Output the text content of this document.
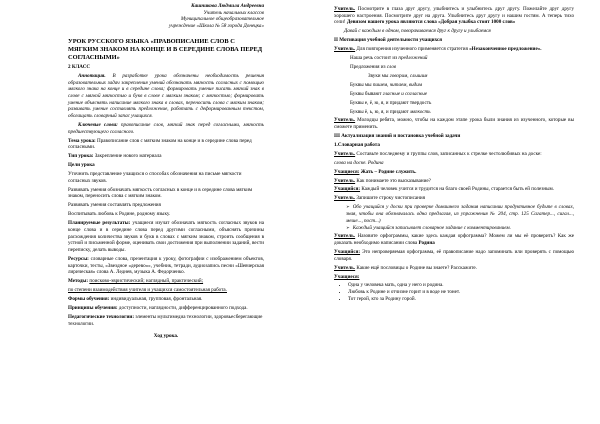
Кашникова Людмила Андреевна
Учитель начальных классов
Муниципальное общеобразовательное
учреждение «Школа № 58 города Донецка»
УРОК РУССКОГО ЯЗЫКА «ПРАВОПИСАНИЕ СЛОВ С МЯГКИМ ЗНАКОМ НА КОНЦЕ И В СЕРЕДИНЕ СЛОВА ПЕРЕД СОГЛАСНЫМИ»
2 КЛАСС
Аннотация. В разработке урока обозначены необходимость решения образовательных задач закрепления умений обозначать мягкость согласных с помощью мягкого знака на конце и в середине слова; формировать умение писать мягкий знак в слове с мягкой мягкостью и букв в слове с мягким знаком; с мягкостью; формировать умение объяснять написание мягкого знака в словах, переносить слова с мягким знаком; развивать умение составлять предложение, работать с деформированным текстом, обогащать словарный запас учащихся.
Ключевые слова: правописание слов, мягкий знак перед согласными, мягкость предшествующего согласного.
Тема урока: Правописание слов с мягким знаком на конце и в середине слова перед согласными.
Тип урока: Закрепление нового материала
Цели урока
Уточнить представление учащихся о способах обозначения на письме мягкости согласных звуков.
Развивать умения обозначать мягкость согласных в конце и в середине слова мягким знаком, переносить слова с мягким знаком.
Развивать умения составлять предложения
Воспитывать любовь к Родине, родному языку.
Планируемые результаты: учащиеся изучат обозначать мягкость согласных звуков на конце слова и в середине слова перед другими согласными, объяснять причины расхождения количества звуков и букв в словах с мягким знаком, строить сообщения в устной и письменной форме, оценивать свои достижения при выполнении заданий, вести переписку, делать выводы.
Ресурсы: словарные слова, презентация к уроку, фотографии с изображением объектов, карточки, тесты, «Звездное «дерево»», учебник, тетради, аудиозапись песни «Шевчерская лирическая» слова А. Леднев, музыка А. Федорченко.
Методы: поисково-эвристический; наглядный, практический;
по степени взаимодействия учителя и учащихся самостоятельная работа.
Формы обучения: индивидуальная, групповая, фронтальная.
Принципы обучения: доступности, наглядности, дифференцированного подхода.
Педагогические технологии: элементы мультимедиа технологии, здоровьесберегающие технологии.
Ход урока.
Учитель. Посмотрите в глаза друг другу, улыбнитесь и улыбнитесь друг другу. Пожелайте друг другу хорошего настроения. Посмотрите друг на друга. Улыбнитесь друг другу и нашим гостям. А теперь тихо сели! Девизом нашего урока являются слова «Добрая улыбка стоит 1000 слов»
Давай с каждым в одном, поворачиваемся друг к другу и улыбаемся
II Мотивация учебной деятельности учащихся
Учитель. Для повторения изученного применяется стратегия «Незаконченное предложение».
Наша речь состоит из предложений
Предложения из слов
Звуки мы говорим, слышим
Буквы мы пишем, читаем, видим
Буквы бывают гласные и согласные
Буквы е, ё, ю, я, и придают твердость
Буквы ё, ь, ю, я, и придают мягкость
Учитель. Молодцы ребята, можно, чтобы на каждом этапе урока были знания из изученного, которые вы сможете применить.
III Актуализация знаний и постановка учебной задачи
1.Словарная работа
Учитель. Составьте последнему и группы слов, записанных к стрелке честолюбивых на доске:
слова на доске. Родина
Учащиеся: Жать – Родине служить.
Учитель. Как понимаете это высказывание?
Учащийся: Каждый человек учится и трудится на благо своей Родины, старается быть ей полезным.
Учитель. Запишите строку чистописания
➢ Обо учащийся у доски при проверке домашнего задания написании продуктивное будьте в словах, зная, чтобы она обозначалась одна предлагая, из упражнения № 204, стр. 125 Сагатер..., сигал..., меше..., пост...)
➢ Каждый учащийся записывает словарное задание с комментированием.
Учитель. Назовите орфограммы, какие здесь каждая орфограмма? Можем ли мы её проверить? Как же доказать необходимо написании слова Родина
Учащийся: Это непроверяемая орфограмма, её правописание надо запоминать или проверять с помощью словаря.
Учитель. Какие ещё пословицы о Родине вы знаете? Расскажите.
Учащиеся:
• Одна у человека мать, одна у него и родина.
• Любовь к Родине и отчизне горит и в воде не тонет.
• Тот герой, кто за Родину горой.
